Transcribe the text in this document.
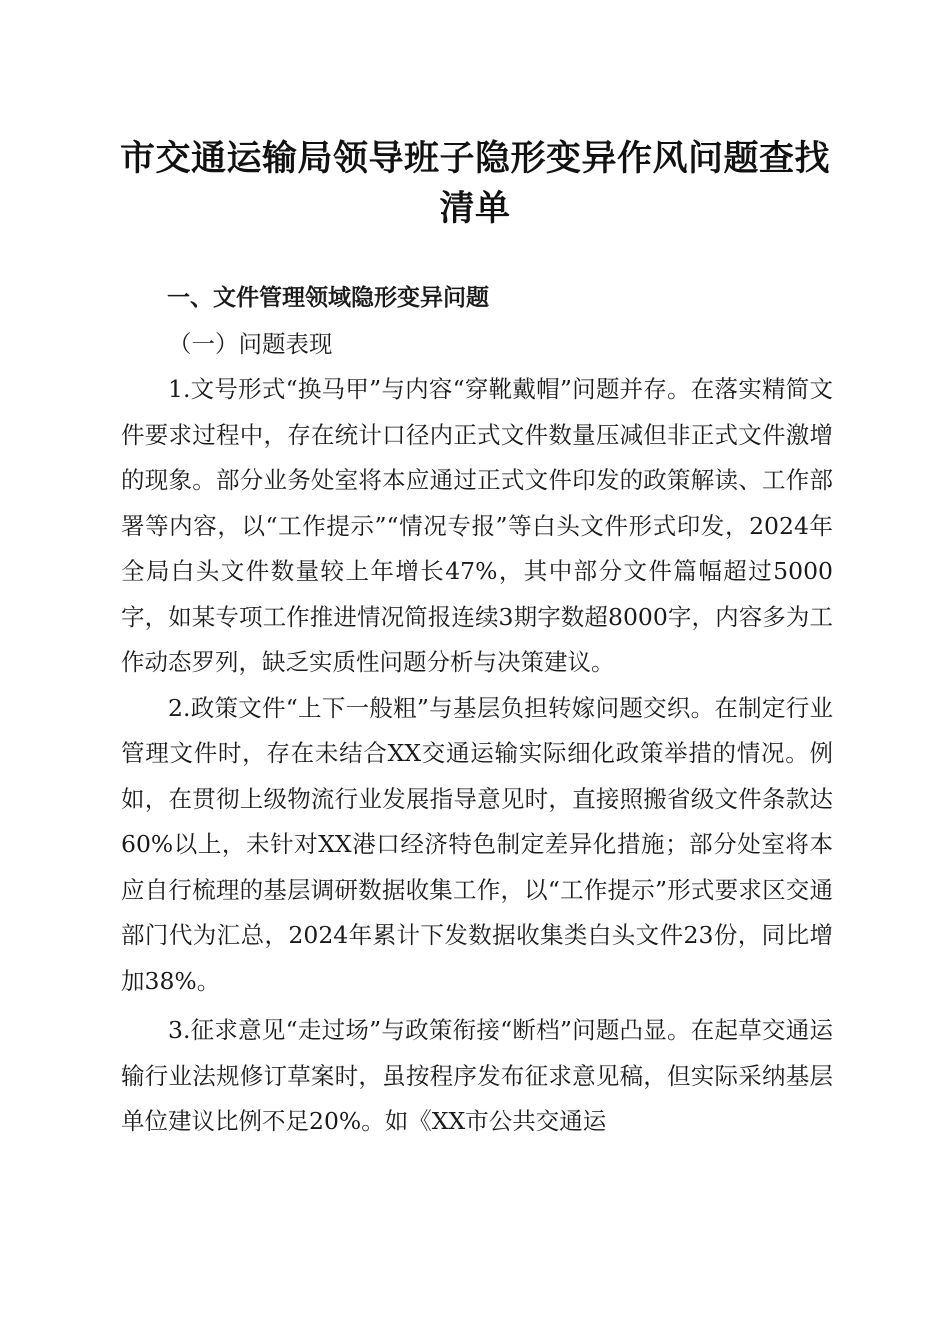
市交通运输局领导班子隐形变异作风问题查找清单

一、文件管理领域隐形变异问题

（一）问题表现

1.文号形式“换马甲”与内容“穿靴戴帽”问题并存。在落实精简文件要求过程中，存在统计口径内正式文件数量压减但非正式文件激增的现象。部分业务处室将本应通过正式文件印发的政策解读、工作部署等内容，以“工作提示”“情况专报”等白头文件形式印发，2024年全局白头文件数量较上年增长47%，其中部分文件篇幅超过5000字，如某专项工作推进情况简报连续3期字数超8000字，内容多为工作动态罗列，缺乏实质性问题分析与决策建议。

2.政策文件“上下一般粗”与基层负担转嫁问题交织。在制定行业管理文件时，存在未结合XX交通运输实际细化政策举措的情况。例如，在贯彻上级物流行业发展指导意见时，直接照搬省级文件条款达60%以上，未针对XX港口经济特色制定差异化措施；部分处室将本应自行梳理的基层调研数据收集工作，以“工作提示”形式要求区交通部门代为汇总，2024年累计下发数据收集类白头文件23份，同比增加38%。

3.征求意见“走过场”与政策衔接“断档”问题凸显。在起草交通运输行业法规修订草案时，虽按程序发布征求意见稿，但实际采纳基层单位建议比例不足20%。如《XX市公共交通运
